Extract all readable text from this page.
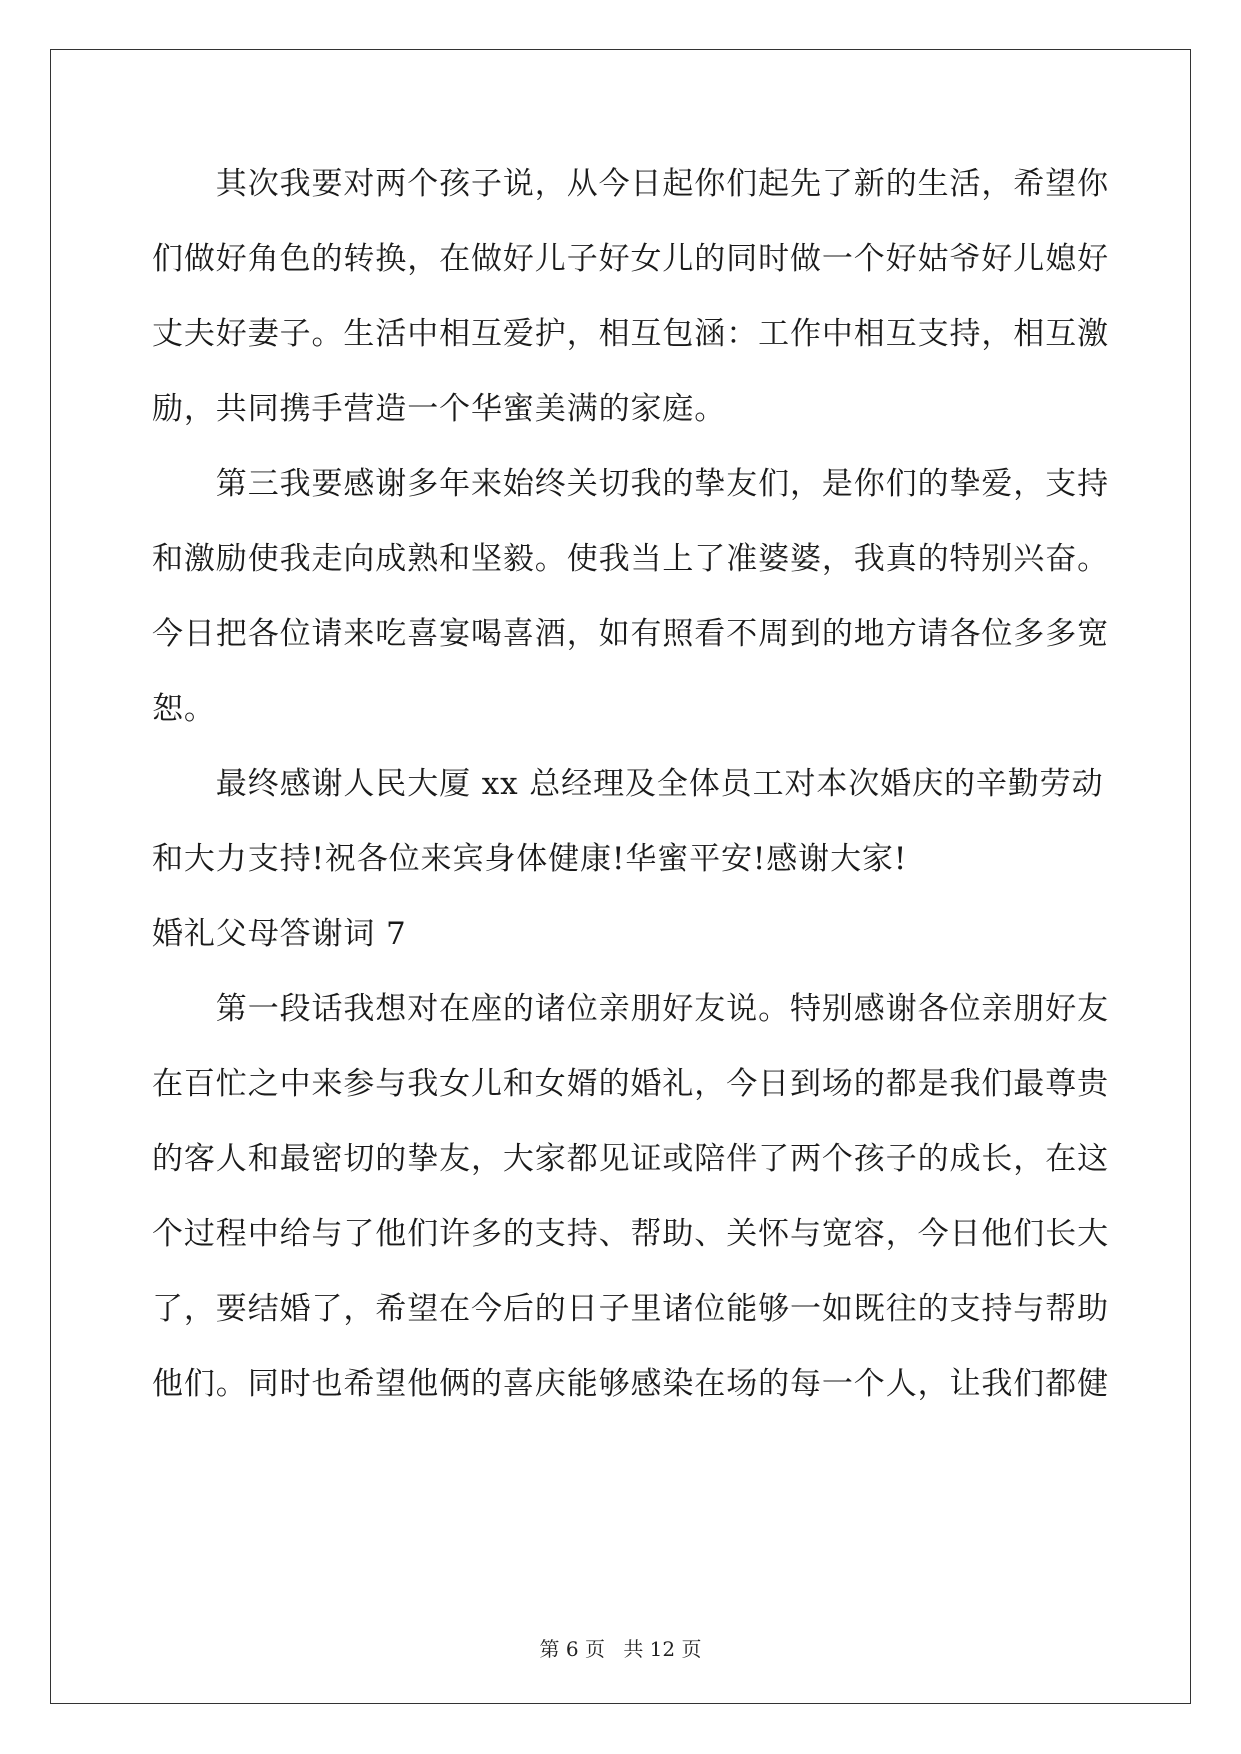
　　其次我要对两个孩子说，从今日起你们起先了新的生活，希望你
们做好角色的转换，在做好儿子好女儿的同时做一个好姑爷好儿媳好
丈夫好妻子。生活中相互爱护，相互包涵：工作中相互支持，相互激
励，共同携手营造一个华蜜美满的家庭。
　　第三我要感谢多年来始终关切我的挚友们，是你们的挚爱，支持
和激励使我走向成熟和坚毅。使我当上了准婆婆，我真的特别兴奋。
今日把各位请来吃喜宴喝喜酒，如有照看不周到的地方请各位多多宽
恕。
　　最终感谢人民大厦 xx 总经理及全体员工对本次婚庆的辛勤劳动
和大力支持!祝各位来宾身体健康!华蜜平安!感谢大家!
婚礼父母答谢词 7
　　第一段话我想对在座的诸位亲朋好友说。特别感谢各位亲朋好友
在百忙之中来参与我女儿和女婿的婚礼，今日到场的都是我们最尊贵
的客人和最密切的挚友，大家都见证或陪伴了两个孩子的成长，在这
个过程中给与了他们许多的支持、帮助、关怀与宽容，今日他们长大
了，要结婚了，希望在今后的日子里诸位能够一如既往的支持与帮助
他们。同时也希望他俩的喜庆能够感染在场的每一个人，让我们都健
第 6 页 共 12 页
